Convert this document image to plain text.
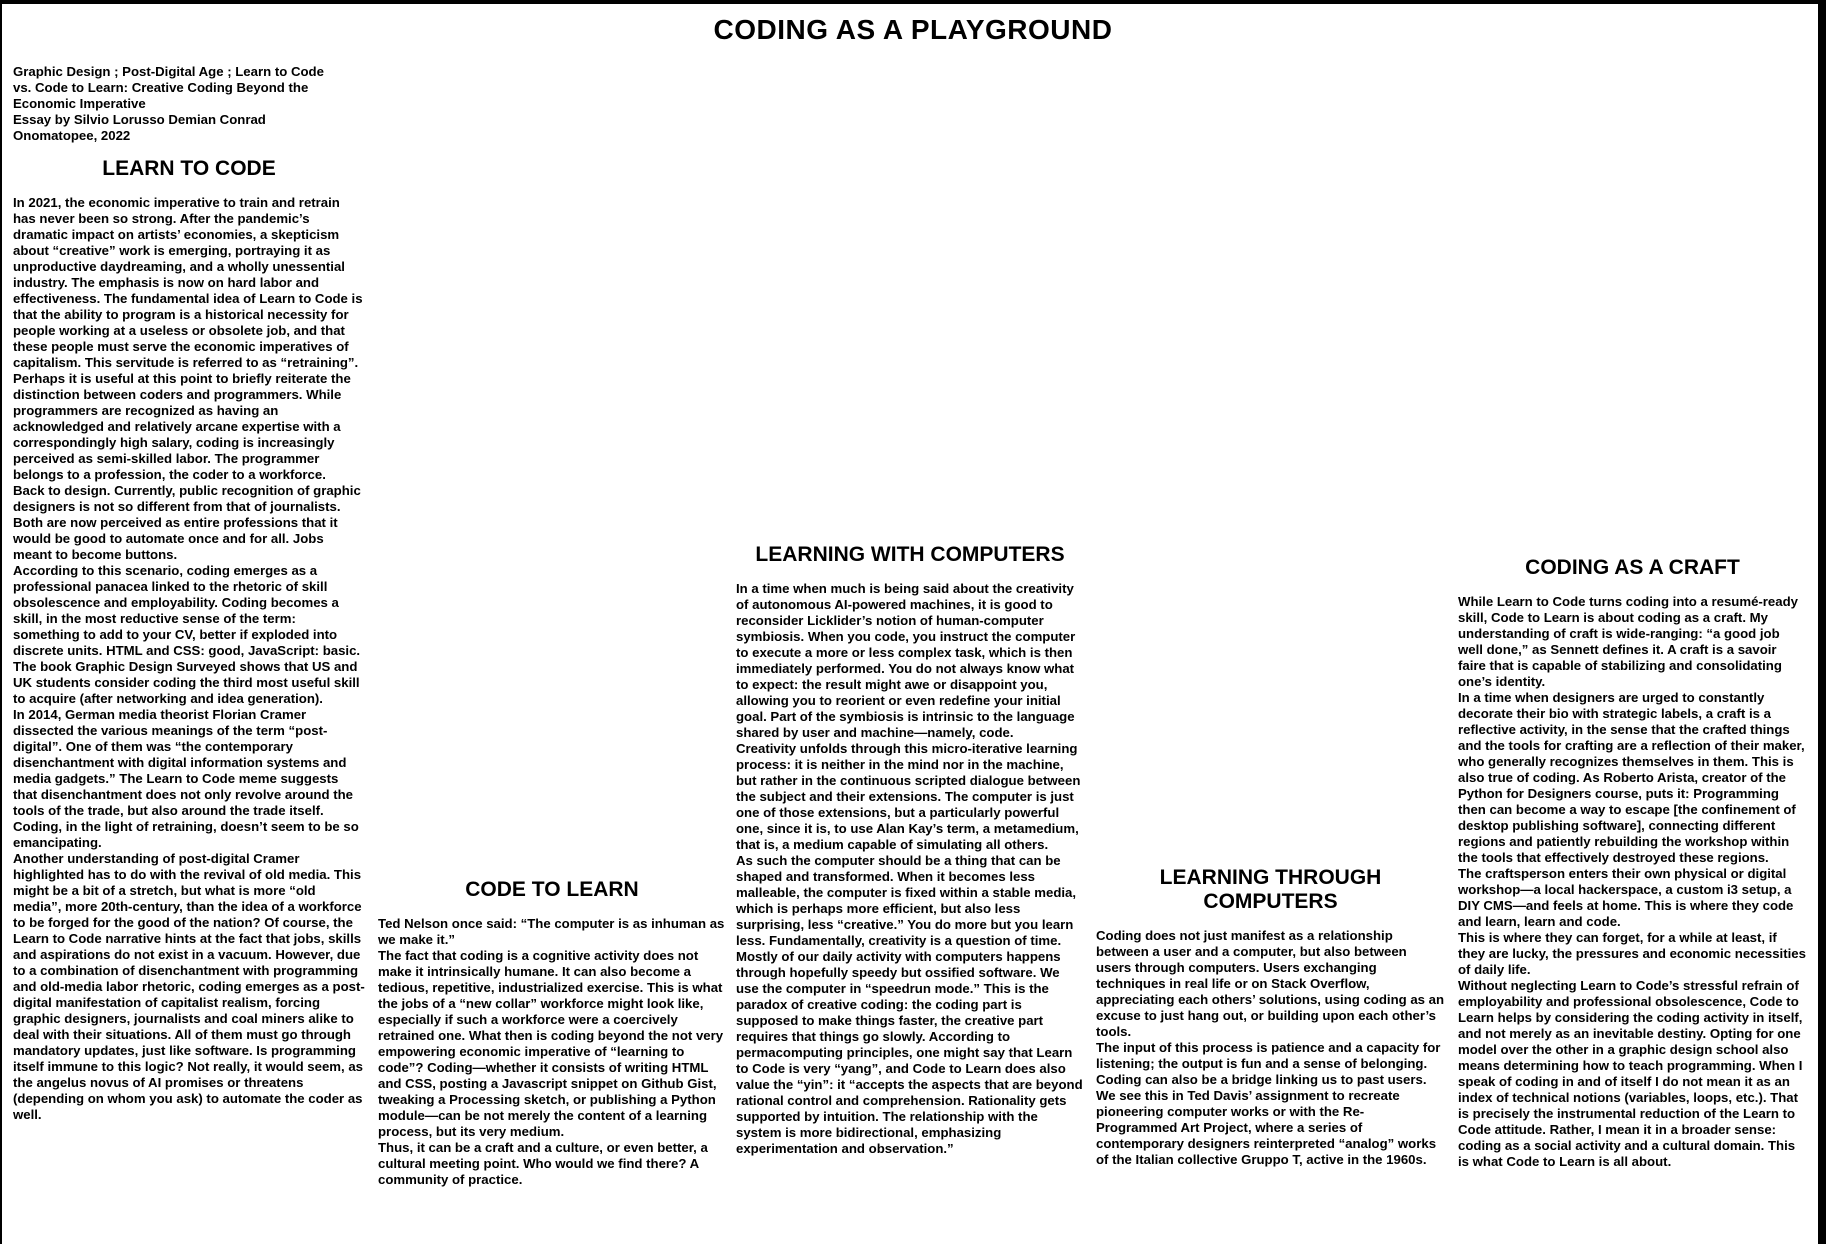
CODING AS A PLAYGROUND
Graphic Design ; Post-Digital Age ; Learn to Code
vs. Code to Learn: Creative Coding Beyond the
Economic Imperative
Essay by Silvio Lorusso Demian Conrad
Onomatopee, 2022
LEARN TO CODE

In 2021, the economic imperative to train and retrain has never been so strong. After the pandemic’s dramatic impact on artists’ economies, a skepticism about “creative” work is emerging, portraying it as unproductive daydreaming, and a wholly unessential industry. The emphasis is now on hard labor and effectiveness. The fundamental idea of Learn to Code is that the ability to program is a historical necessity for people working at a useless or obsolete job, and that these people must serve the economic imperatives of capitalism. This servitude is referred to as “retraining”. Perhaps it is useful at this point to briefly reiterate the distinction between coders and programmers. While programmers are recognized as having an acknowledged and relatively arcane expertise with a correspondingly high salary, coding is increasingly perceived as semi-skilled labor. The programmer belongs to a profession, the coder to a workforce.

Back to design. Currently, public recognition of graphic designers is not so different from that of journalists. Both are now perceived as entire professions that it would be good to automate once and for all. Jobs meant to become buttons.

According to this scenario, coding emerges as a professional panacea linked to the rhetoric of skill obsolescence and employability. Coding becomes a skill, in the most reductive sense of the term: something to add to your CV, better if exploded into discrete units. HTML and CSS: good, JavaScript: basic.

The book Graphic Design Surveyed shows that US and UK students consider coding the third most useful skill to acquire (after networking and idea generation).

In 2014, German media theorist Florian Cramer dissected the various meanings of the term “post-digital”. One of them was “the contemporary disenchantment with digital information systems and media gadgets.” The Learn to Code meme suggests that disenchantment does not only revolve around the tools of the trade, but also around the trade itself. Coding, in the light of retraining, doesn’t seem to be so emancipating.

Another understanding of post-digital Cramer highlighted has to do with the revival of old media. This might be a bit of a stretch, but what is more “old media”, more 20th-century, than the idea of a workforce to be forged for the good of the nation? Of course, the Learn to Code narrative hints at the fact that jobs, skills and aspirations do not exist in a vacuum. However, due to a combination of disenchantment with programming and old-media labor rhetoric, coding emerges as a post-digital manifestation of capitalist realism, forcing graphic designers, journalists and coal miners alike to deal with their situations. All of them must go through mandatory updates, just like software. Is programming itself immune to this logic? Not really, it would seem, as the angelus novus of AI promises or threatens (depending on whom you ask) to automate the coder as well.

CODE TO LEARN

Ted Nelson once said: “The computer is as inhuman as we make it.”

The fact that coding is a cognitive activity does not make it intrinsically humane. It can also become a tedious, repetitive, industrialized exercise. This is what the jobs of a “new collar” workforce might look like, especially if such a workforce were a coercively retrained one. What then is coding beyond the not very empowering economic imperative of “learning to code”? Coding—whether it consists of writing HTML and CSS, posting a Javascript snippet on Github Gist, tweaking a Processing sketch, or publishing a Python module—can be not merely the content of a learning process, but its very medium.

Thus, it can be a craft and a culture, or even better, a cultural meeting point. Who would we find there? A community of practice.

LEARNING WITH COMPUTERS

In a time when much is being said about the creativity of autonomous AI-powered machines, it is good to reconsider Licklider’s notion of human-computer symbiosis. When you code, you instruct the computer to execute a more or less complex task, which is then immediately performed. You do not always know what to expect: the result might awe or disappoint you, allowing you to reorient or even redefine your initial goal. Part of the symbiosis is intrinsic to the language shared by user and machine—namely, code.

Creativity unfolds through this micro-iterative learning process: it is neither in the mind nor in the machine, but rather in the continuous scripted dialogue between the subject and their extensions. The computer is just one of those extensions, but a particularly powerful one, since it is, to use Alan Kay’s term, a metamedium, that is, a medium capable of simulating all others.

As such the computer should be a thing that can be shaped and transformed. When it becomes less malleable, the computer is fixed within a stable media, which is perhaps more efficient, but also less surprising, less “creative.” You do more but you learn less. Fundamentally, creativity is a question of time. Mostly of our daily activity with computers happens through hopefully speedy but ossified software. We use the computer in “speedrun mode.” This is the paradox of creative coding: the coding part is supposed to make things faster, the creative part requires that things go slowly. According to permacomputing principles, one might say that Learn to Code is very “yang”, and Code to Learn does also value the “yin”: it “accepts the aspects that are beyond rational control and comprehension. Rationality gets supported by intuition. The relationship with the system is more bidirectional, emphasizing experimentation and observation.”

LEARNING THROUGH COMPUTERS

Coding does not just manifest as a relationship between a user and a computer, but also between users through computers. Users exchanging techniques in real life or on Stack Overflow, appreciating each others’ solutions, using coding as an excuse to just hang out, or building upon each other’s tools.

The input of this process is patience and a capacity for listening; the output is fun and a sense of belonging. Coding can also be a bridge linking us to past users.

We see this in Ted Davis’ assignment to recreate pioneering computer works or with the Re-Programmed Art Project, where a series of contemporary designers reinterpreted “analog” works of the Italian collective Gruppo T, active in the 1960s.

CODING AS A CRAFT

While Learn to Code turns coding into a resumé-ready skill, Code to Learn is about coding as a craft. My understanding of craft is wide-ranging: “a good job well done,” as Sennett defines it. A craft is a savoir faire that is capable of stabilizing and consolidating one’s identity.

In a time when designers are urged to constantly decorate their bio with strategic labels, a craft is a reflective activity, in the sense that the crafted things and the tools for crafting are a reflection of their maker, who generally recognizes themselves in them. This is also true of coding. As Roberto Arista, creator of the Python for Designers course, puts it: Programming then can become a way to escape [the confinement of desktop publishing software], connecting different regions and patiently rebuilding the workshop within the tools that effectively destroyed these regions.

The craftsperson enters their own physical or digital workshop—a local hackerspace, a custom i3 setup, a DIY CMS—and feels at home. This is where they code and learn, learn and code.

This is where they can forget, for a while at least, if they are lucky, the pressures and economic necessities of daily life.

Without neglecting Learn to Code’s stressful refrain of employability and professional obsolescence, Code to Learn helps by considering the coding activity in itself, and not merely as an inevitable destiny. Opting for one model over the other in a graphic design school also means determining how to teach programming. When I speak of coding in and of itself I do not mean it as an index of technical notions (variables, loops, etc.). That is precisely the instrumental reduction of the Learn to Code attitude. Rather, I mean it in a broader sense: coding as a social activity and a cultural domain. This is what Code to Learn is all about.
